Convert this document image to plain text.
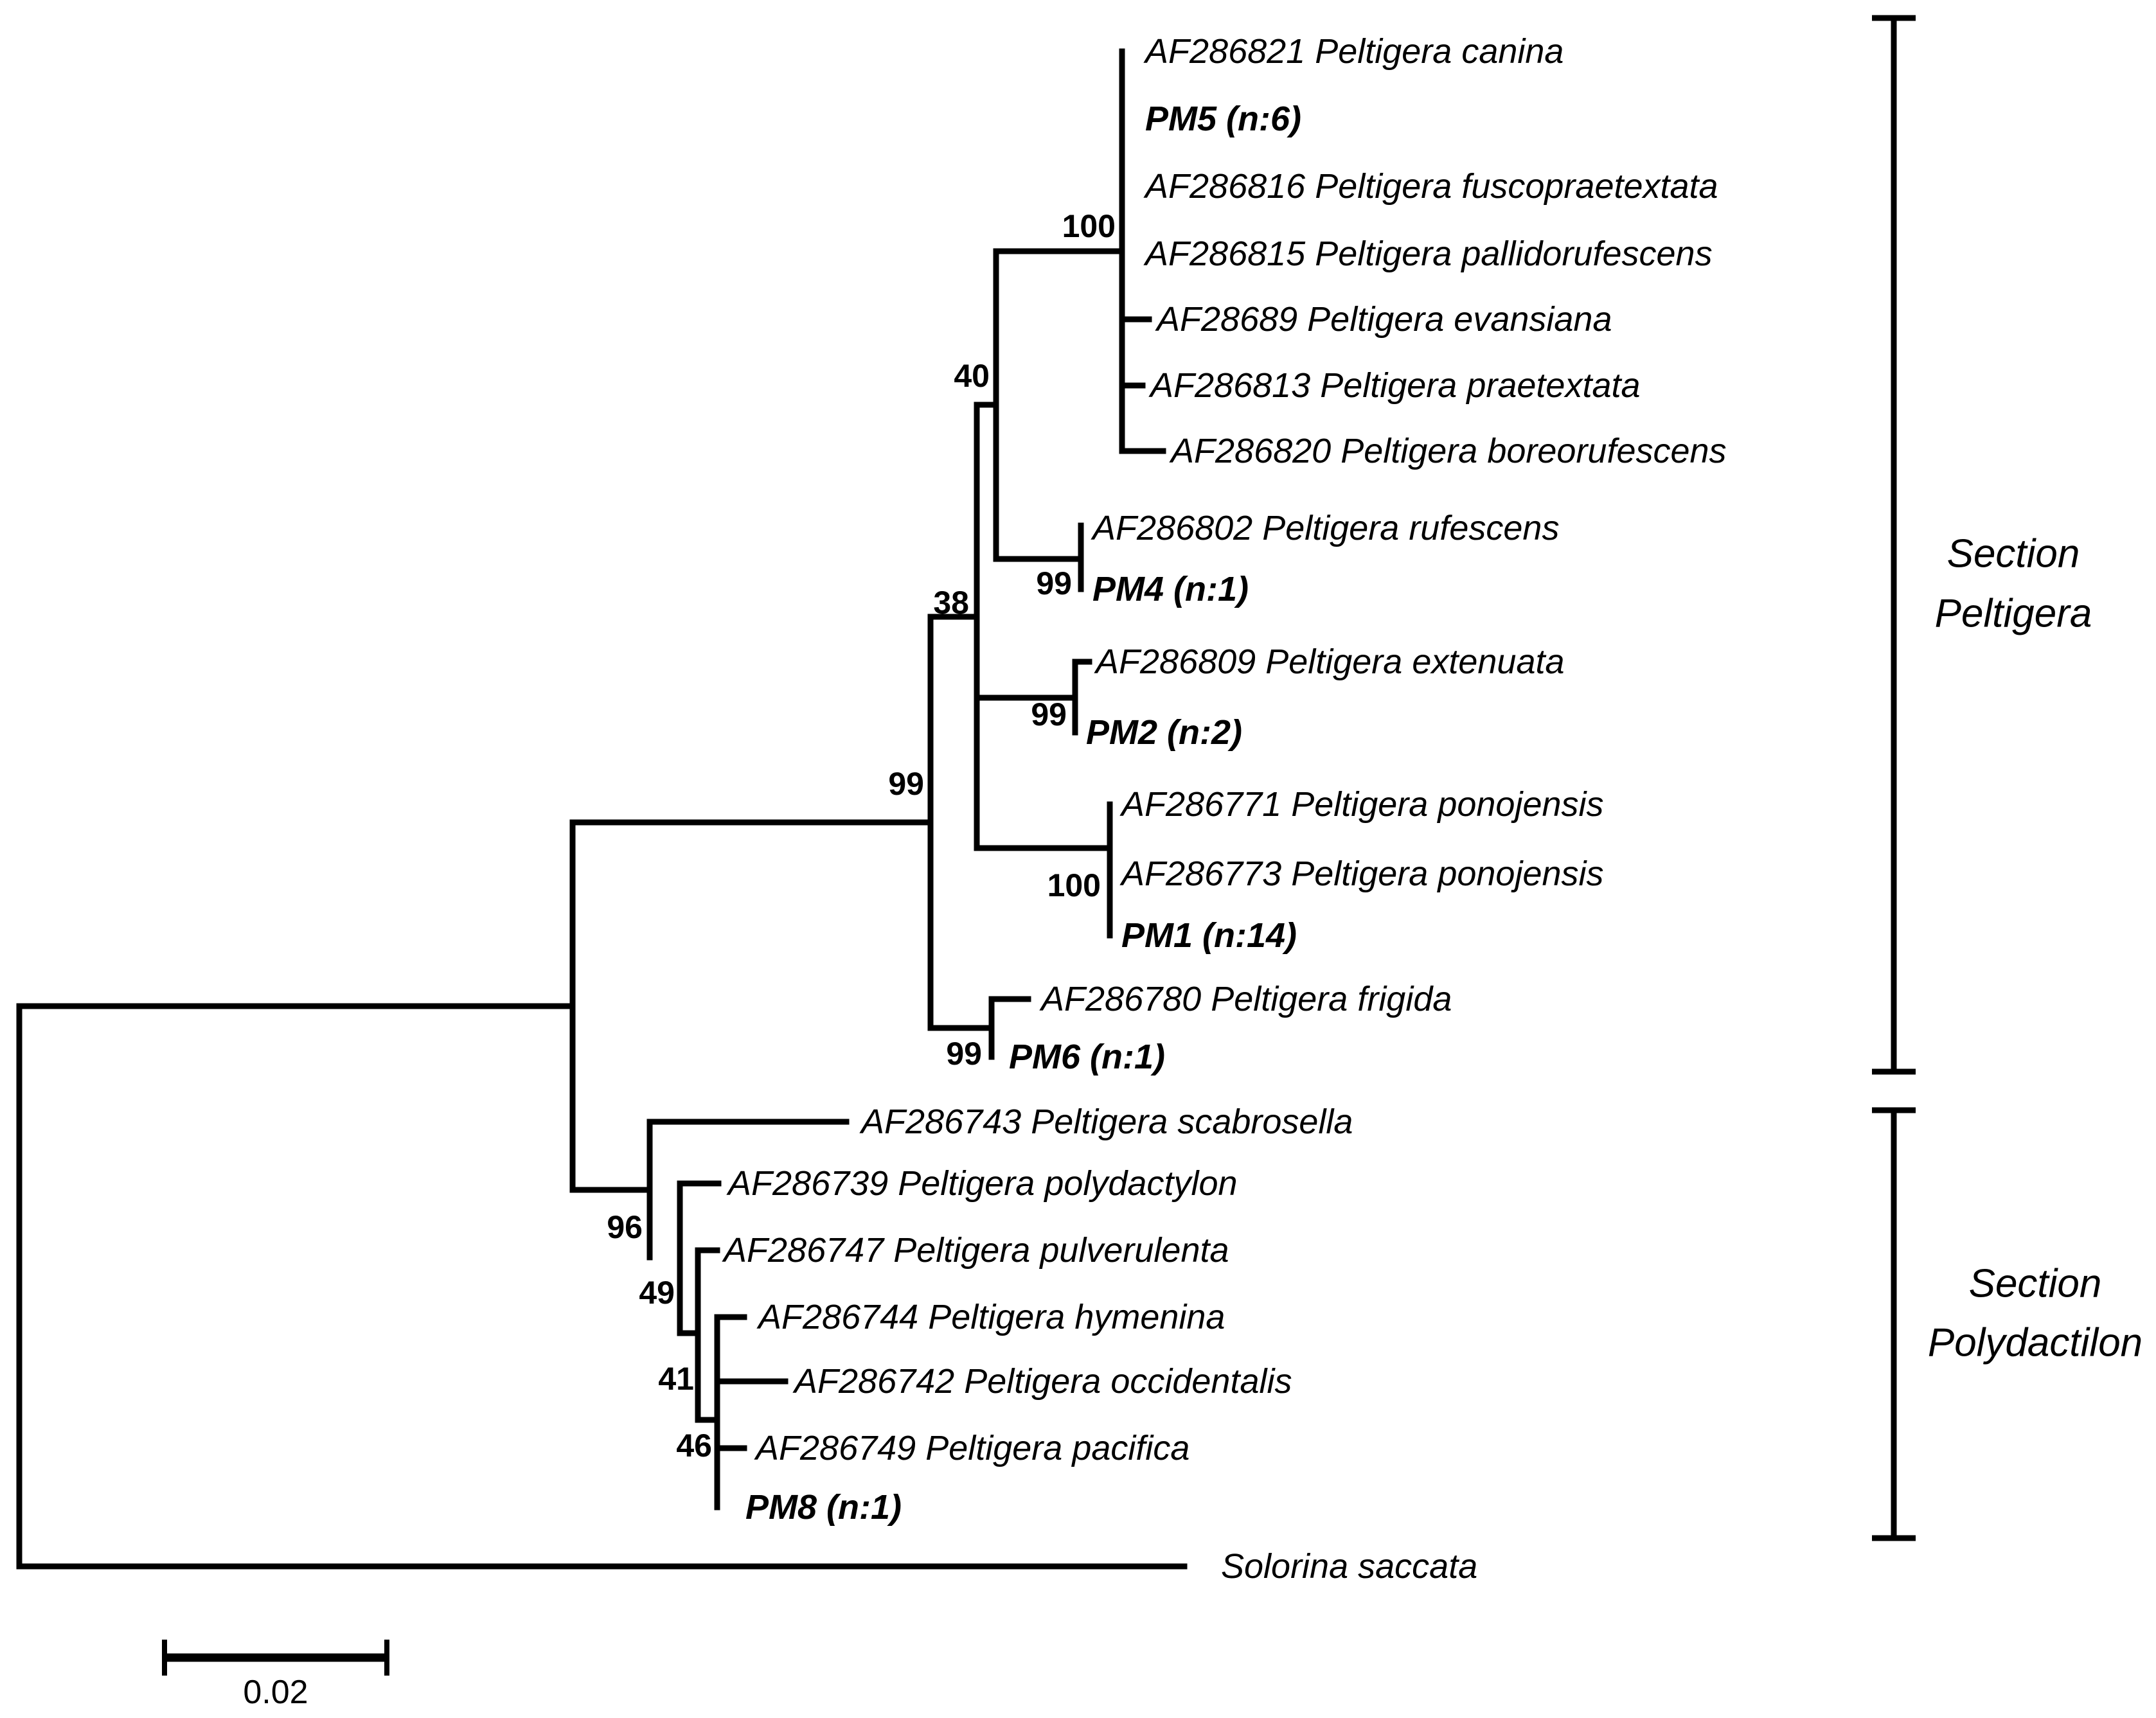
AF286821 Peltigera canina
PM5 (n:6)
AF286816 Peltigera fuscopraetextata
AF286815 Peltigera pallidorufescens
AF28689 Peltigera evansiana
AF286813 Peltigera praetextata
AF286820 Peltigera boreorufescens
AF286802 Peltigera rufescens
PM4 (n:1)
AF286809 Peltigera extenuata
PM2 (n:2)
AF286771 Peltigera ponojensis
AF286773 Peltigera ponojensis
PM1 (n:14)
AF286780 Peltigera frigida
PM6 (n:1)
AF286743 Peltigera scabrosella
AF286739 Peltigera polydactylon
AF286747 Peltigera pulverulenta
AF286744 Peltigera hymenina
AF286742 Peltigera occidentalis
AF286749 Peltigera pacifica
PM8 (n:1)
Solorina saccata
100
40
99
38
99
99
100
99
96
49
41
46
Section
Peltigera
Section
Polydactilon
0.02
